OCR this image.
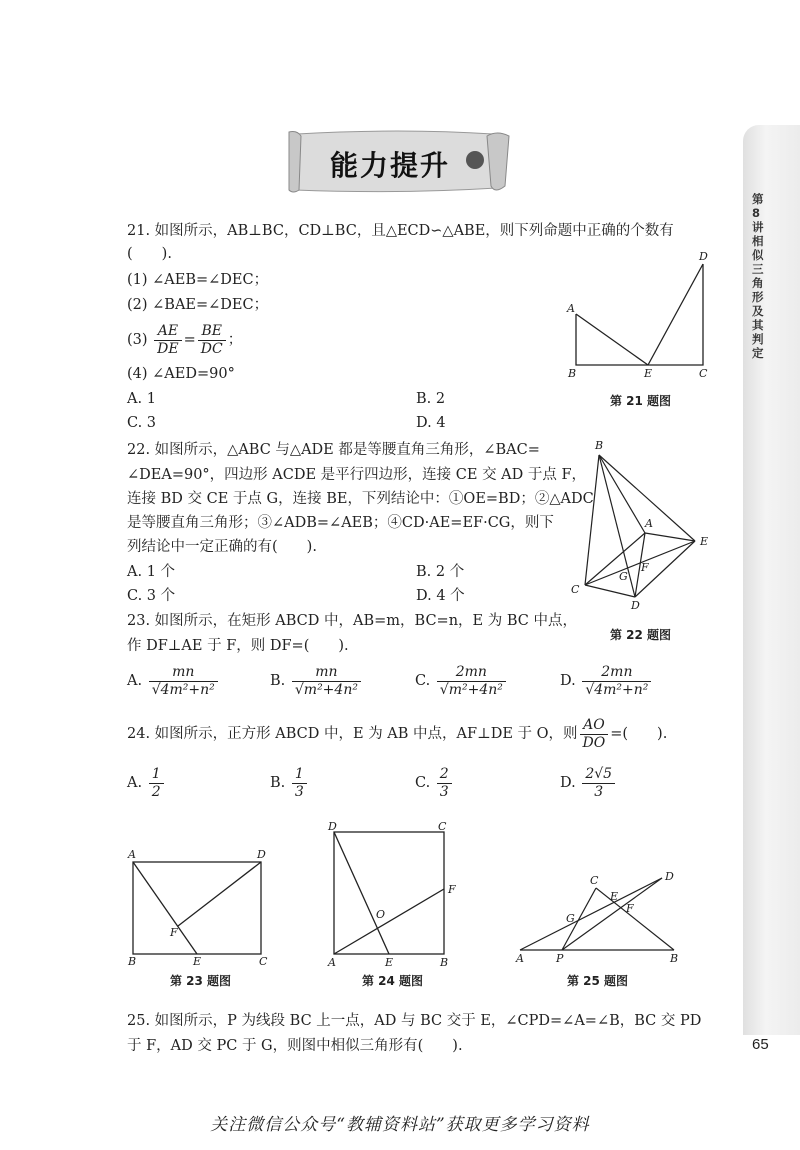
第8讲 相似三角形及其判定
65
能力提升
21. 如图所示，AB⊥BC，CD⊥BC，且△ECD∽△ABE，则下列命题中正确的个数有
(　　).
(1) ∠AEB=∠DEC；
(2) ∠BAE=∠DEC；
$(3) \frac{AE}{DE} = \frac{BE}{DC}$ ；
(4) ∠AED=90°
A. 1	B. 2
C. 3	D. 4
A
B	E	C
D
第 21 题图
22. 如图所示，△ABC 与△ADE 都是等腰直角三角形，∠BAC=
∠DEA=90°，四边形 ACDE 是平行四边形，连接 CE 交 AD 于点 F，
连接 BD 交 CE 于点 G，连接 BE，下列结论中：①OE=BD；②△ADC
是等腰直角三角形；③∠ADB=∠AEB；④CD·AE=EF·CG，则下
列结论中一定正确的有(　　).
A. 1 个	B. 2 个
C. 3 个	D. 4 个
B
A
E
C
D
F
G
第 22 题图
23. 如图所示，在矩形 ABCD 中，AB=m，BC=n，E 为 BC 中点，
作 DF⊥AE 于 F，则 DF=(　　).
A. $\frac{mn}{\text{√4m²+n²}}$	B. $\frac{mn}{\text{√m²+4n²}}$	C. $\frac{2mn}{\text{√m²+4n²}}$	D. $\frac{2mn}{\text{√4m²+n²}}$
24. 如图所示，正方形 ABCD 中，E 为 AB 中点，AF⊥DE 于 O，则 $\frac{AO}{DO}$ =(　　).
A. $\frac{1}{2}$	B. $\frac{1}{3}$	C. $\frac{2}{3}$	D. $\frac{2√5}{3}$
A	D
B	E	C
F
第 23 题图
D	C
F
O
A	E	B
第 24 题图
A	P	B
C	D
E
F
G
第 25 题图
25. 如图所示，P 为线段 BC 上一点，AD 与 BC 交于 E，∠CPD=∠A=∠B，BC 交 PD
于 F，AD 交 PC 于 G，则图中相似三角形有(　　).
关注微信公众号“教辅资料站”获取更多学习资料
